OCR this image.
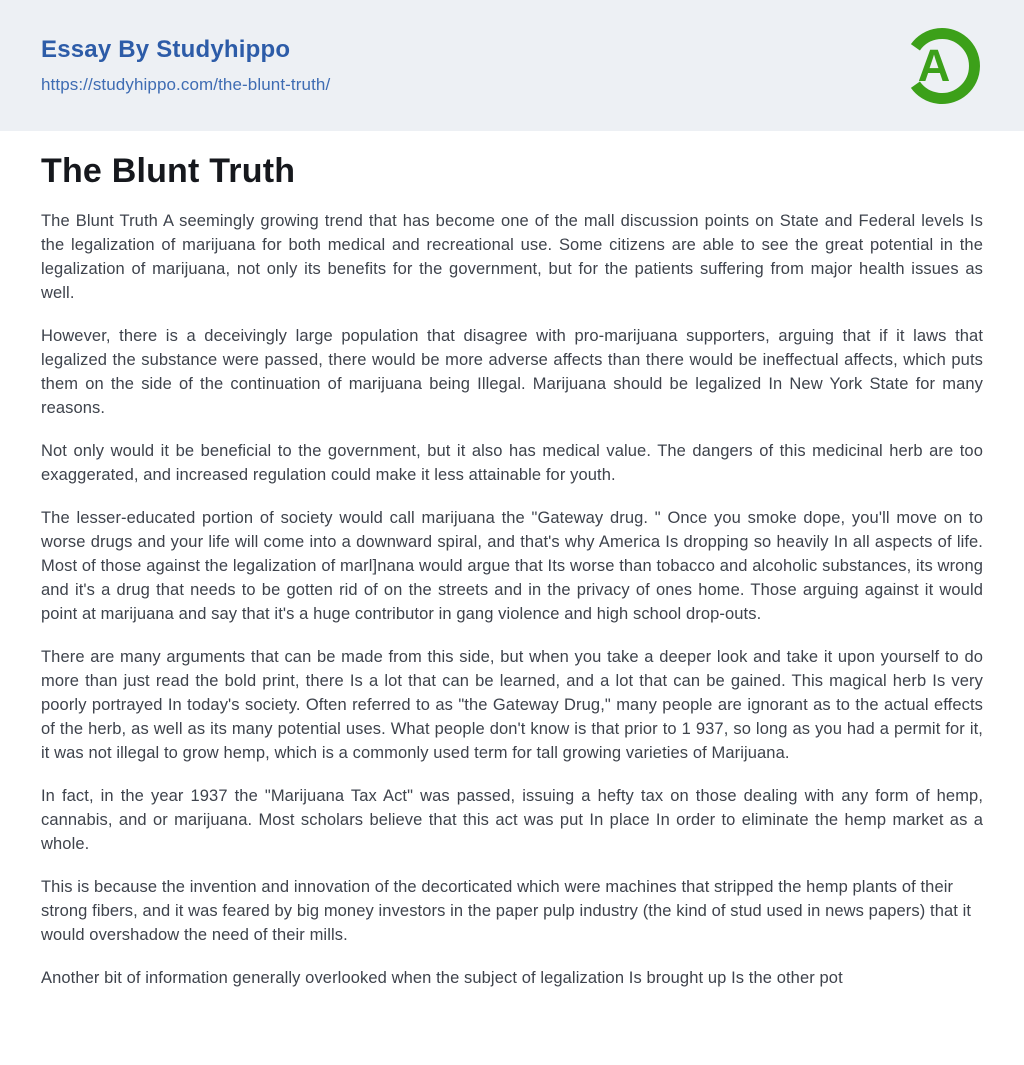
Essay By Studyhippo
https://studyhippo.com/the-blunt-truth/	A
The Blunt Truth

The Blunt Truth A seemingly growing trend that has become one of the mall discussion points on State and Federal levels Is the legalization of marijuana for both medical and recreational use. Some citizens are able to see the great potential in the legalization of marijuana, not only its benefits for the government, but for the patients suffering from major health issues as well.

However, there is a deceivingly large population that disagree with pro-marijuana supporters, arguing that if it laws that legalized the substance were passed, there would be more adverse affects than there would be ineffectual affects, which puts them on the side of the continuation of marijuana being Illegal. Marijuana should be legalized In New York State for many reasons.

Not only would it be beneficial to the government, but it also has medical value. The dangers of this medicinal herb are too exaggerated, and increased regulation could make it less attainable for youth.

The lesser-educated portion of society would call marijuana the "Gateway drug. " Once you smoke dope, you'll move on to worse drugs and your life will come into a downward spiral, and that's why America Is dropping so heavily In all aspects of life. Most of those against the legalization of marl]nana would argue that Its worse than tobacco and alcoholic substances, its wrong and it's a drug that needs to be gotten rid of on the streets and in the privacy of ones home. Those arguing against it would point at marijuana and say that it's a huge contributor in gang violence and high school drop-outs.

There are many arguments that can be made from this side, but when you take a deeper look and take it upon yourself to do more than just read the bold print, there Is a lot that can be learned, and a lot that can be gained. This magical herb Is very poorly portrayed In today's society. Often referred to as "the Gateway Drug," many people are ignorant as to the actual effects of the herb, as well as its many potential uses. What people don't know is that prior to 1 937, so long as you had a permit for it, it was not illegal to grow hemp, which is a commonly used term for tall growing varieties of Marijuana.

In fact, in the year 1937 the "Marijuana Tax Act" was passed, issuing a hefty tax on those dealing with any form of hemp, cannabis, and or marijuana. Most scholars believe that this act was put In place In order to eliminate the hemp market as a whole.

This is because the invention and innovation of the decorticated which were machines that stripped the hemp plants of their strong fibers, and it was feared by big money investors in the paper pulp industry (the kind of stud used in news papers) that it would overshadow the need of their mills.

Another bit of information generally overlooked when the subject of legalization Is brought up Is the other pot
